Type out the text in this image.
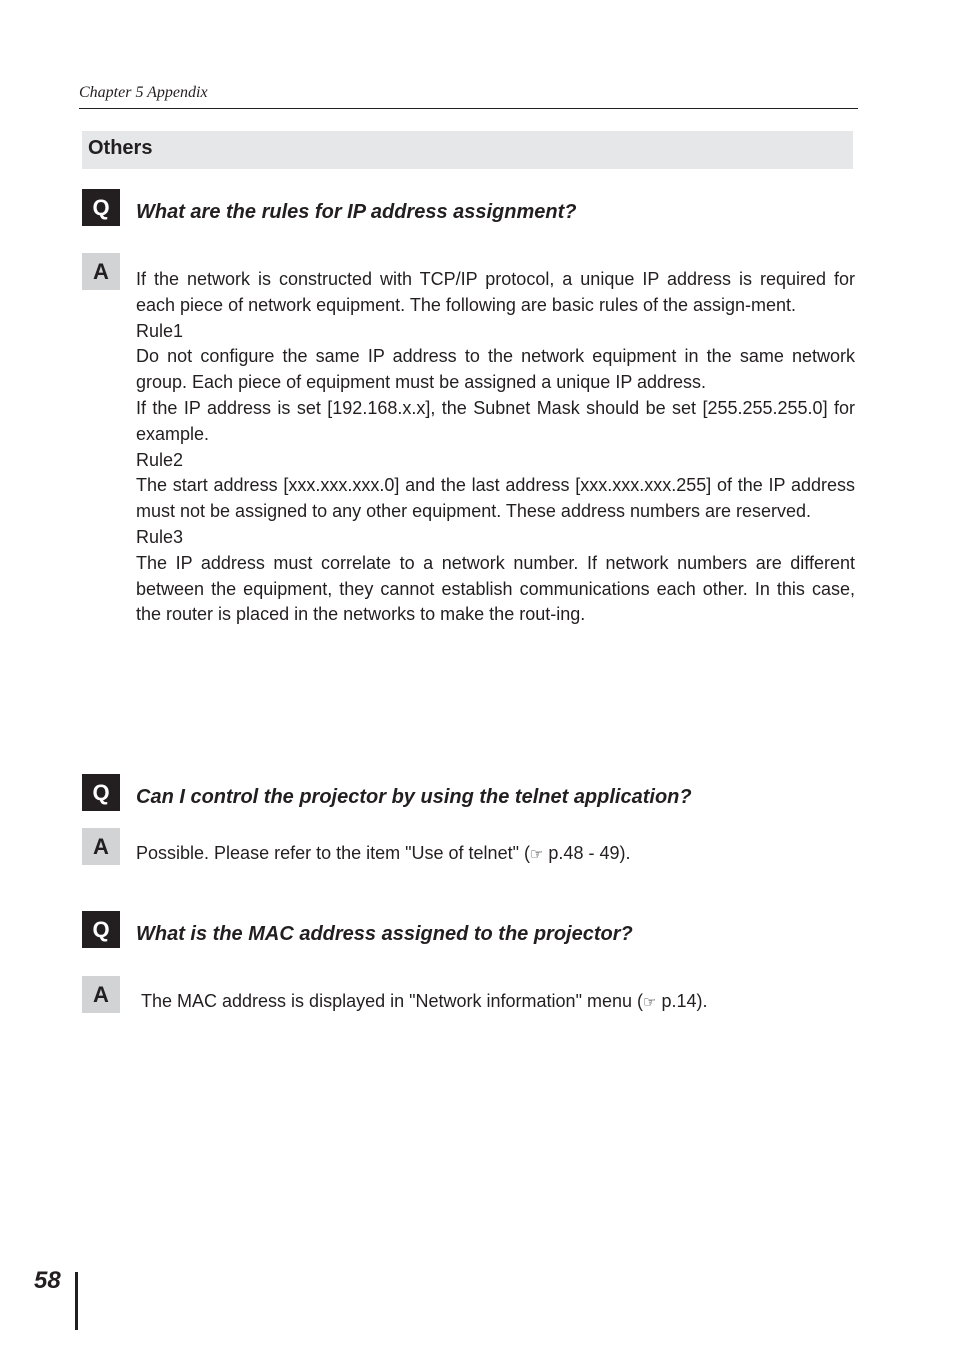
Chapter 5 Appendix
Others
Q	What are the rules for IP address assignment?
A	If the network is constructed with TCP/IP protocol, a unique IP address is required for each piece of network equipment. The following are basic rules of the assign-ment.

Rule1

Do not configure the same IP address to the network equipment in the same network group. Each piece of equipment must be assigned a unique IP address.

If the IP address is set [192.168.x.x], the Subnet Mask should be set [255.255.255.0] for example.

Rule2

The start address [xxx.xxx.xxx.0] and the last address [xxx.xxx.xxx.255] of the IP address must not be assigned to any other equipment. These address numbers are reserved.

Rule3

The IP address must correlate to a network number. If network numbers are different between the equipment, they cannot establish communications each other. In this case, the router is placed in the networks to make the rout-ing.

Q	Can I control the projector by using the telnet application?
A	Possible. Please refer to the item "Use of telnet" (☞ p.48 - 49).
Q	What is the MAC address assigned to the projector?
A	The MAC address is displayed in "Network information" menu (☞ p.14).
58
